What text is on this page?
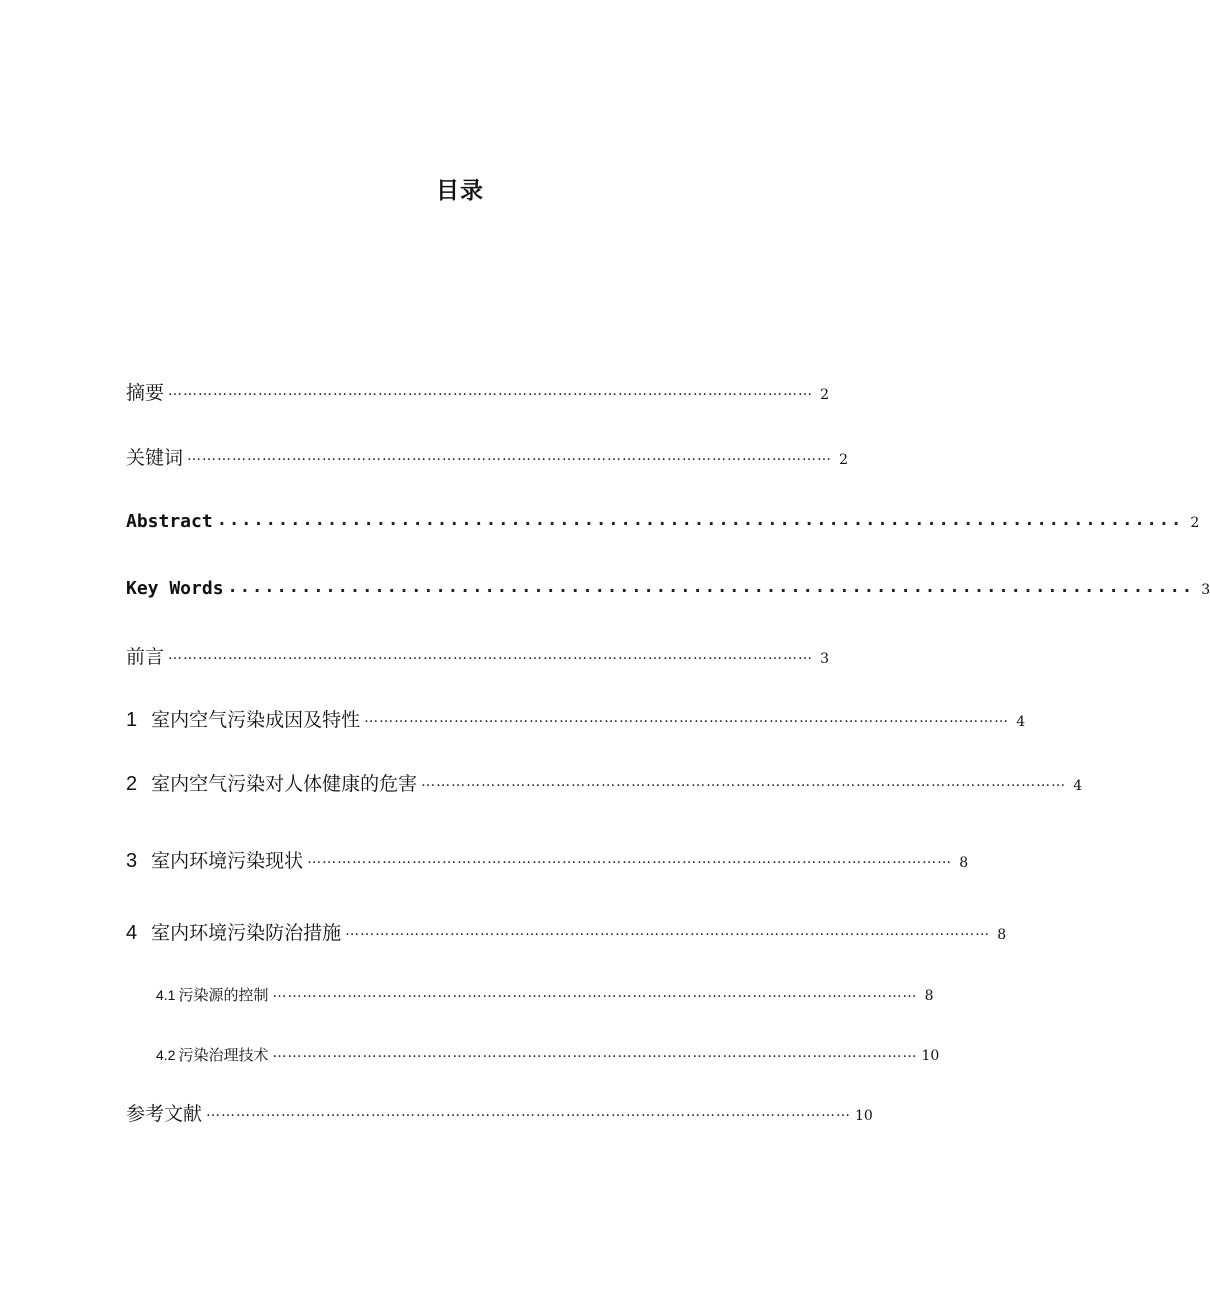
目录
摘要 ………………………………………………………………………………………………………………… 2
关键词 ………………………………………………………………………………………………………………… 2
Abstract ............................................................................... 2
Key Words ............................................................................... 3
前言 ………………………………………………………………………………………………………………… 3
1 室内空气污染成因及特性 ………………………………………………………………………………………………………………… 4
2 室内空气污染对人体健康的危害 ………………………………………………………………………………………………………………… 4
3 室内环境污染现状 ………………………………………………………………………………………………………………… 8
4 室内环境污染防治措施 ………………………………………………………………………………………………………………… 8
4.1 污染源的控制 ………………………………………………………………………………………………………………… 8
4.2 污染治理技术 ………………………………………………………………………………………………………………… 10
参考文献 ………………………………………………………………………………………………………………… 10
